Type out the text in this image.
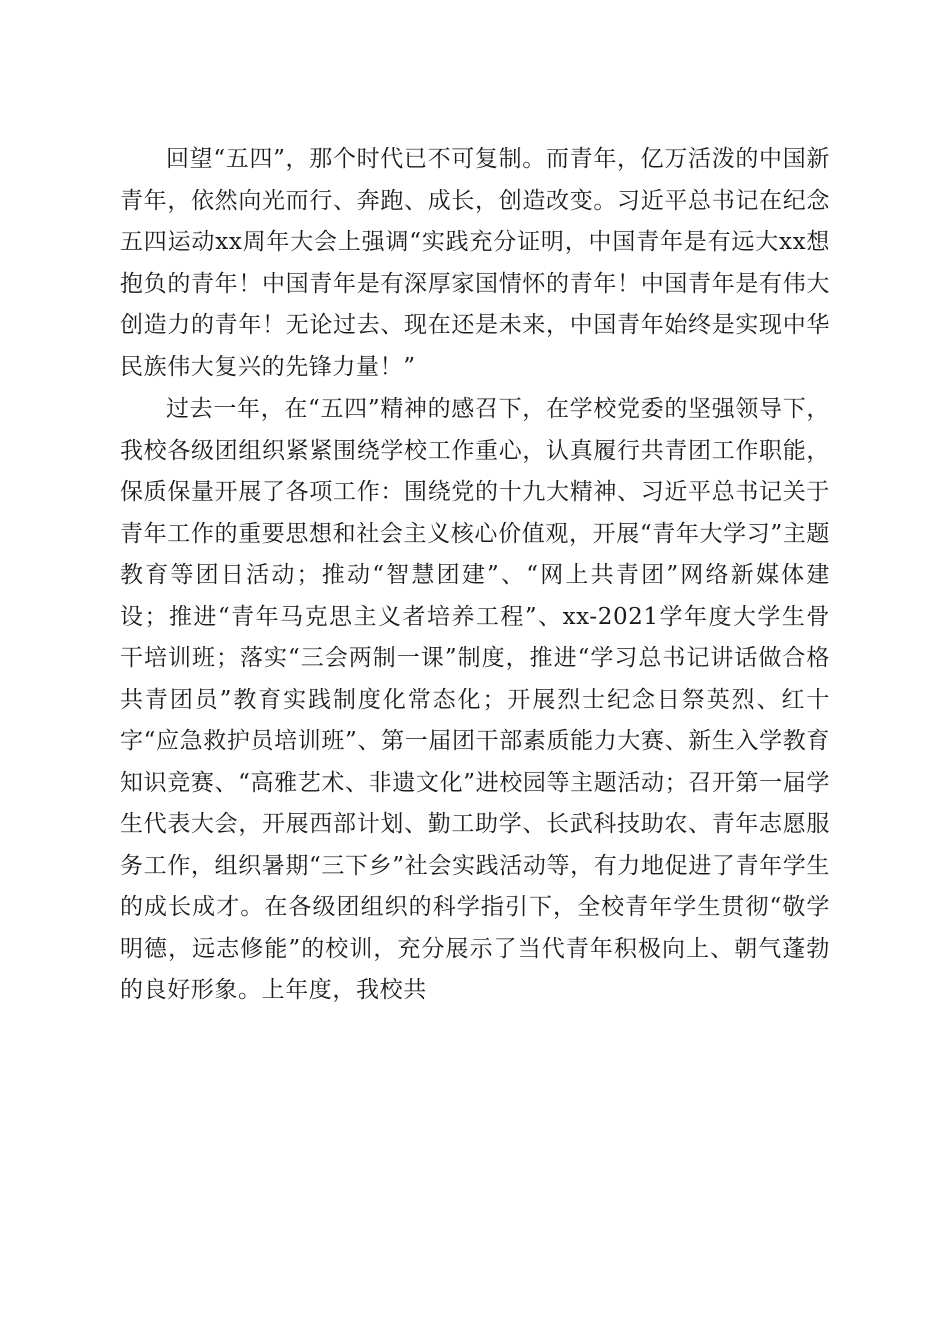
回望“五四”，那个时代已不可复制。而青年，亿万活泼的中国新青年，依然向光而行、奔跑、成长，创造改变。习近平总书记在纪念五四运动xx周年大会上强调“实践充分证明，中国青年是有远大xx想抱负的青年！中国青年是有深厚家国情怀的青年！中国青年是有伟大创造力的青年！无论过去、现在还是未来，中国青年始终是实现中华民族伟大复兴的先锋力量！”

过去一年，在“五四”精神的感召下，在学校党委的坚强领导下，我校各级团组织紧紧围绕学校工作重心，认真履行共青团工作职能，保质保量开展了各项工作：围绕党的十九大精神、习近平总书记关于青年工作的重要思想和社会主义核心价值观，开展“青年大学习”主题教育等团日活动；推动“智慧团建”、“网上共青团”网络新媒体建设；推进“青年马克思主义者培养工程”、xx-2021学年度大学生骨干培训班；落实“三会两制一课”制度，推进“学习总书记讲话做合格共青团员”教育实践制度化常态化；开展烈士纪念日祭英烈、红十字“应急救护员培训班”、第一届团干部素质能力大赛、新生入学教育知识竞赛、“高雅艺术、非遗文化”进校园等主题活动；召开第一届学生代表大会，开展西部计划、勤工助学、长武科技助农、青年志愿服务工作，组织暑期“三下乡”社会实践活动等，有力地促进了青年学生的成长成才。在各级团组织的科学指引下，全校青年学生贯彻“敬学明德，远志修能”的校训，充分展示了当代青年积极向上、朝气蓬勃的良好形象。上年度，我校共
